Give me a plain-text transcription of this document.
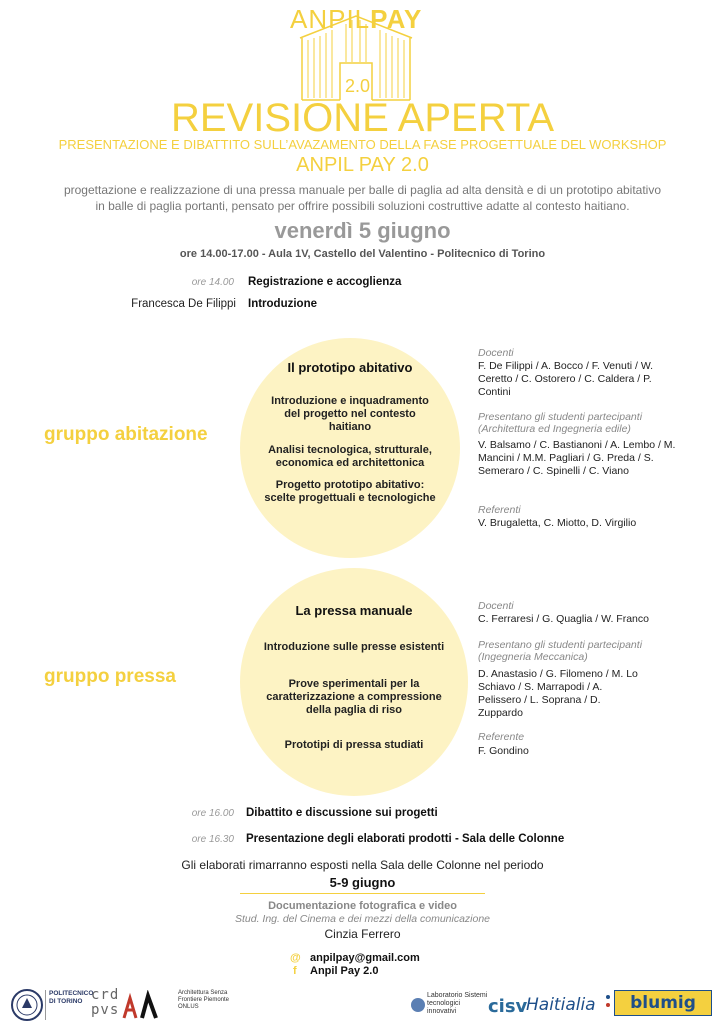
ANPILPAY
2.0
REVISIONE APERTA
PRESENTAZIONE E DIBATTITO SULL’AVAZAMENTO DELLA FASE PROGETTUALE DEL WORKSHOP
ANPIL PAY 2.0
progettazione e realizzazione di una pressa manuale per balle di paglia ad alta densità e di un prototipo abitativo in balle di paglia portanti, pensato per offrire possibili soluzioni costruttive adatte al contesto haitiano.
venerdì 5 giugno
ore 14.00-17.00 - Aula 1V, Castello del Valentino - Politecnico di Torino
ore 14.00 Registrazione e accoglienza
Francesca De Filippi Introduzione
Il prototipo abitativo
Introduzione e inquadramento del progetto nel contesto haitiano
Analisi tecnologica, strutturale, economica ed architettonica
Progetto prototipo abitativo: scelte progettuali e tecnologiche
gruppo abitazione
Docenti
F. De Filippi / A. Bocco / F. Venuti / W. Ceretto / C. Ostorero / C. Caldera / P. Contini
Presentano gli studenti partecipanti (Architettura ed Ingegneria edile)
V. Balsamo / C. Bastianoni / A. Lembo / M. Mancini / M.M. Pagliari / G. Preda / S. Semeraro / C. Spinelli / C. Viano
Referenti
V. Brugaletta, C. Miotto, D. Virgilio
La pressa manuale
Introduzione sulle presse esistenti
Prove sperimentali per la caratterizzazione a compressione della paglia di riso
Prototipi di pressa studiati
gruppo pressa
Docenti
C. Ferraresi / G. Quaglia / W. Franco
Presentano gli studenti partecipanti (Ingegneria Meccanica)
D. Anastasio / G. Filomeno / M. Lo Schiavo / S. Marrapodi / A. Pelissero / L. Soprana / D. Zuppardo
Referente
F. Gondino
ore 16.00 Dibattito e discussione sui progetti
ore 16.30 Presentazione degli elaborati prodotti - Sala delle Colonne
Gli elaborati rimarranno esposti nella Sala delle Colonne nel periodo
5-9 giugno
Documentazione fotografica e video
Stud. Ing. del Cinema e dei mezzi della comunicazione
Cinzia Ferrero
@ anpilpay@gmail.com
f Anpil Pay 2.0
POLITECNICO DI TORINO crd
pvs
Architettura Senza Frontiere Piemonte ONLUS
Laboratorio Sistemi tecnologici innovativi	cisv
Haitialia	blumig
